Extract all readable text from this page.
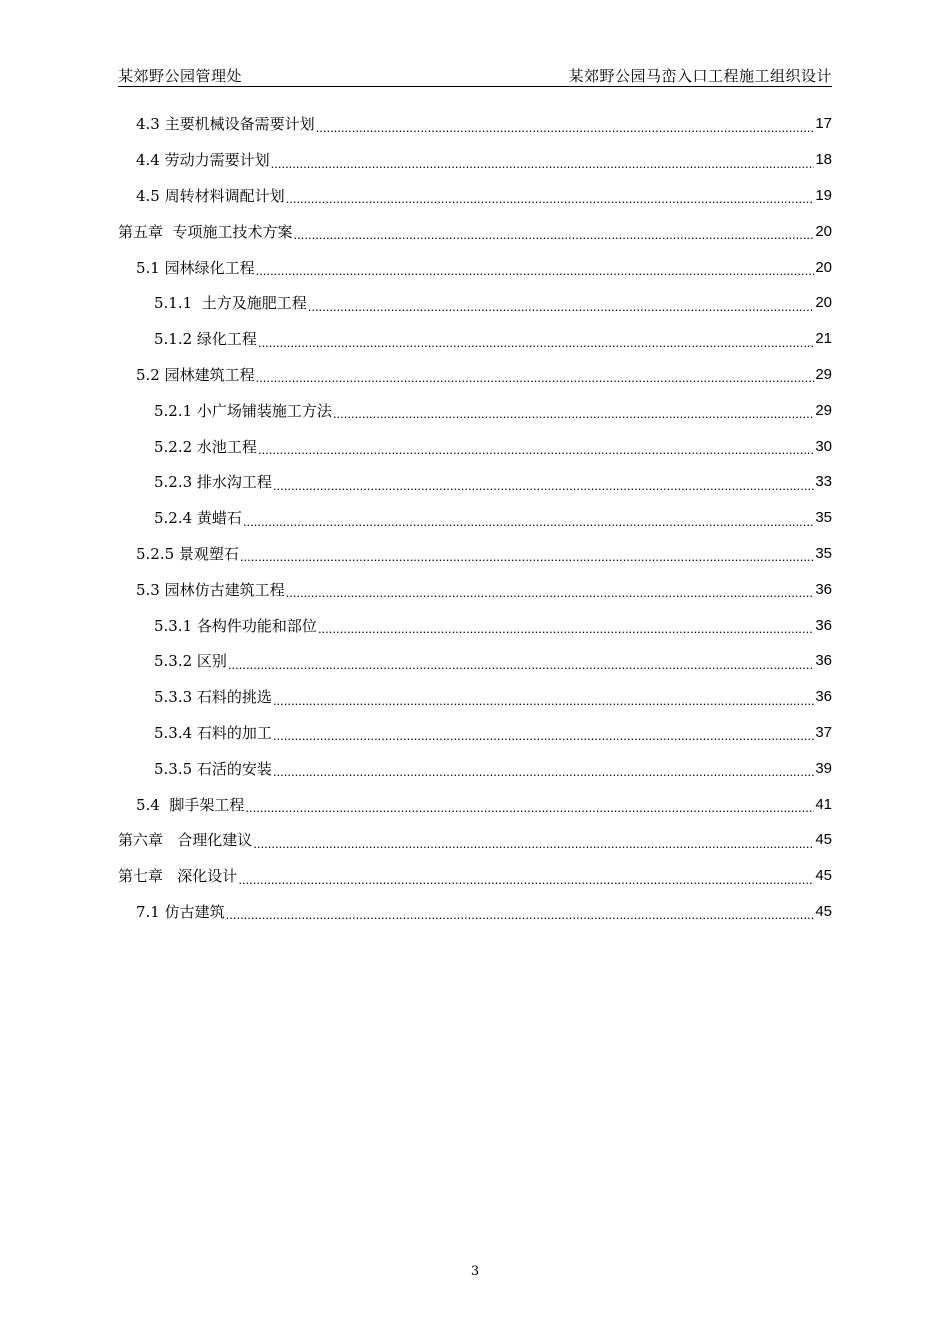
某郊野公园管理处	某郊野公园马峦入口工程施工组织设计
4.3 主要机械设备需要计划 .....	17
4.4 劳动力需要计划 .....	18
4.5 周转材料调配计划 .....	19
第五章  专项施工技术方案 .....	20
5.1 园林绿化工程 .....	20
5.1.1  土方及施肥工程 .....	20
5.1.2 绿化工程 .....	21
5.2 园林建筑工程 .....	29
5.2.1 小广场铺装施工方法 .....	29
5.2.2 水池工程 .....	30
5.2.3 排水沟工程 .....	33
5.2.4 黄蜡石 .....	35
5.2.5 景观塑石 .....	35
5.3 园林仿古建筑工程 .....	36
5.3.1 各构件功能和部位 .....	36
5.3.2 区别 .....	36
5.3.3 石料的挑选 .....	36
5.3.4 石料的加工 .....	37
5.3.5 石活的安装 .....	39
5.4  脚手架工程 .....	41
第六章   合理化建议 .....	45
第七章   深化设计 .....	45
7.1 仿古建筑 .....	45
3
